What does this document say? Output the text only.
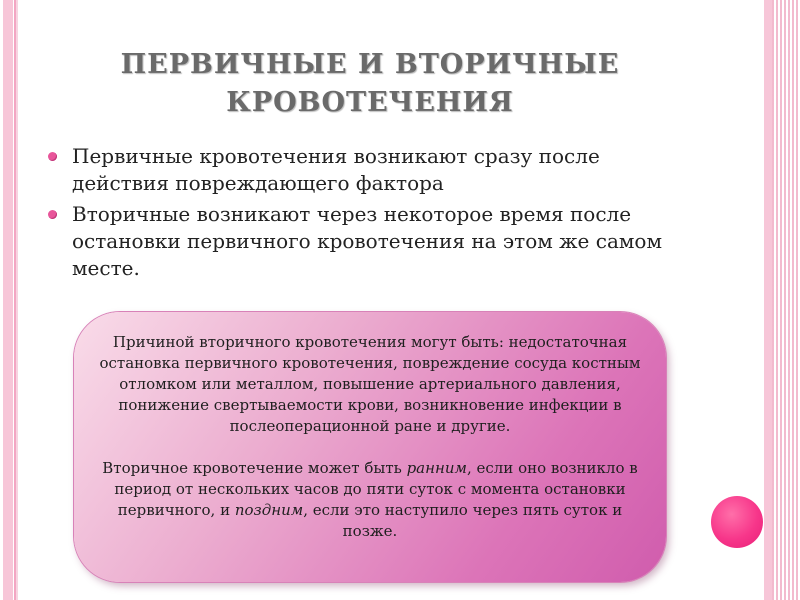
ПЕРВИЧНЫЕ И ВТОРИЧНЫЕ
КРОВОТЕЧЕНИЯ
Первичные кровотечения возникают сразу после действия повреждающего фактора
Вторичные возникают через некоторое время после остановки первичного кровотечения на этом же самом месте.

Причиной вторичного кровотечения могут быть: недостаточная остановка первичного кровотечения, повреждение сосуда костным отломком или металлом, повышение артериального давления, понижение свертываемости крови, возникновение инфекции в послеоперационной ране и другие.

Вторичное кровотечение может быть ранним, если оно возникло в период от нескольких часов до пяти суток с момента остановки первичного, и поздним, если это наступило через пять суток и позже.
